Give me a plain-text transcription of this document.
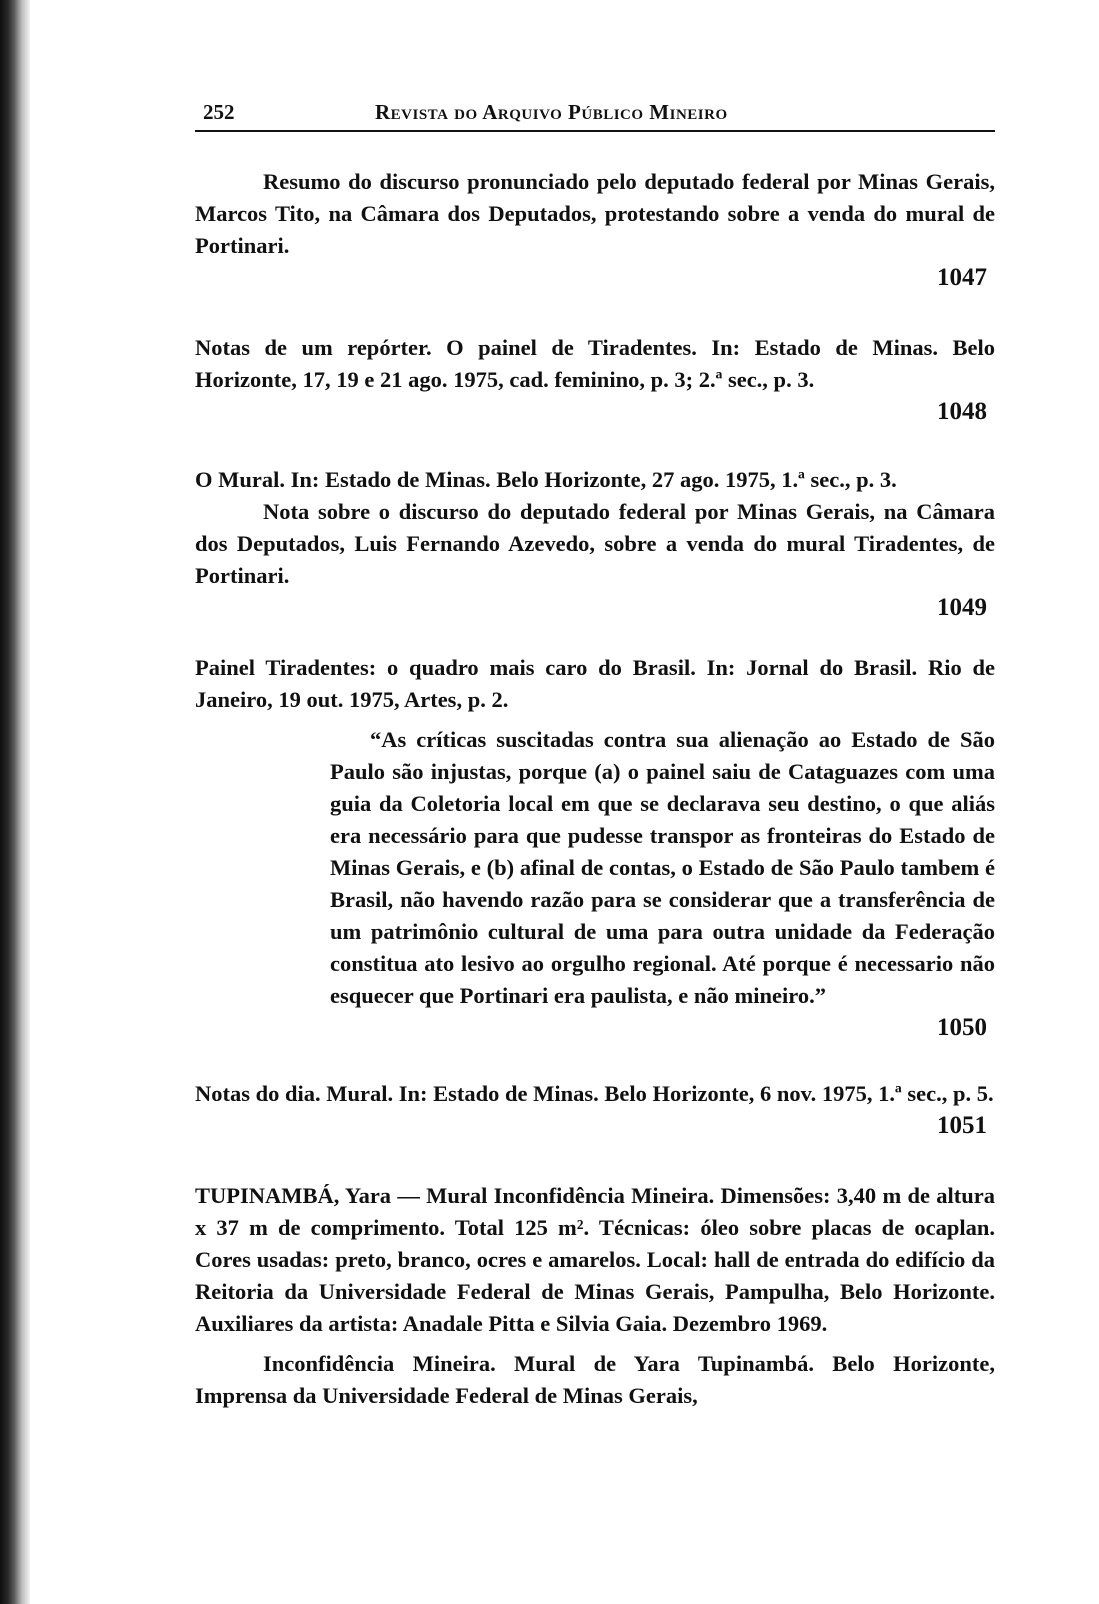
252	Revista do Arquivo Público Mineiro

Resumo do discurso pronunciado pelo deputado federal por Minas Gerais, Marcos Tito, na Câmara dos Deputados, protestando sobre a venda do mural de Portinari.

1047

Notas de um repórter. O painel de Tiradentes. In: Estado de Minas. Belo Horizonte, 17, 19 e 21 ago. 1975, cad. feminino, p. 3; 2.ª sec., p. 3.

1048

O Mural. In: Estado de Minas. Belo Horizonte, 27 ago. 1975, 1.ª sec., p. 3.

Nota sobre o discurso do deputado federal por Minas Gerais, na Câmara dos Deputados, Luis Fernando Azevedo, sobre a venda do mural Tiradentes, de Portinari.

1049

Painel Tiradentes: o quadro mais caro do Brasil. In: Jornal do Brasil. Rio de Janeiro, 19 out. 1975, Artes, p. 2.

“As críticas suscitadas contra sua alienação ao Estado de São Paulo são injustas, porque (a) o painel saiu de Cataguazes com uma guia da Coletoria local em que se declarava seu destino, o que aliás era necessário para que pudesse transpor as fronteiras do Estado de Minas Gerais, e (b) afinal de contas, o Estado de São Paulo tambem é Brasil, não havendo razão para se considerar que a transferência de um patrimônio cultural de uma para outra unidade da Federação constitua ato lesivo ao orgulho regional. Até porque é necessario não esquecer que Portinari era paulista, e não mineiro.”

1050

Notas do dia. Mural. In: Estado de Minas. Belo Horizonte, 6 nov. 1975, 1.ª sec., p. 5.

1051

TUPINAMBÁ, Yara — Mural Inconfidência Mineira. Dimensões: 3,40 m de altura x 37 m de comprimento. Total 125 m². Técnicas: óleo sobre placas de ocaplan. Cores usadas: preto, branco, ocres e amarelos. Local: hall de entrada do edifício da Reitoria da Universidade Federal de Minas Gerais, Pampulha, Belo Horizonte. Auxiliares da artista: Anadale Pitta e Silvia Gaia. Dezembro 1969.

Inconfidência Mineira. Mural de Yara Tupinambá. Belo Horizonte, Imprensa da Universidade Federal de Minas Gerais,
